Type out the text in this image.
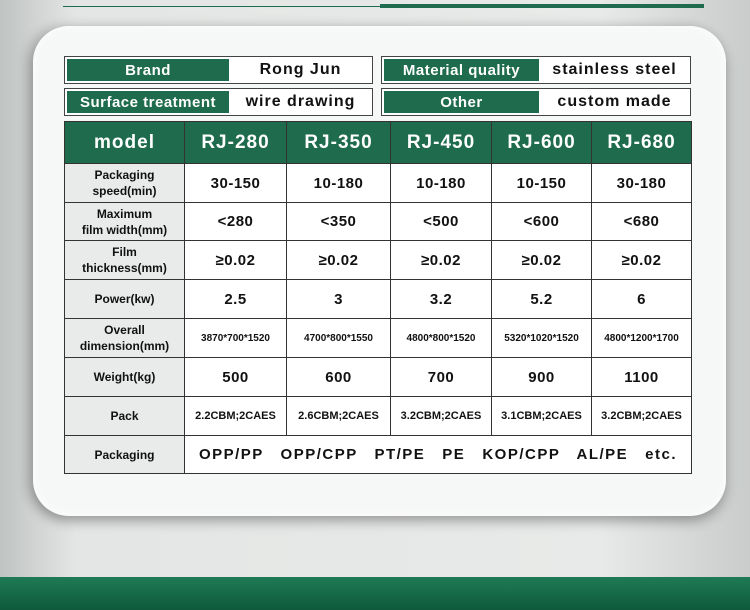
Brand	Rong Jun	Material quality	stainless steel
Surface treatment	wire drawing	Other	custom made
model	RJ-280	RJ-350	RJ-450	RJ-600	RJ-680
Packaging
speed(min)	30-150	10-180	10-180	10-150	30-180
Maximum
film width(mm)	<280	<350	<500	<600	<680
Film
thickness(mm)	≥0.02	≥0.02	≥0.02	≥0.02	≥0.02
Power(kw)	2.5	3	3.2	5.2	6
Overall
dimension(mm)	3870*700*1520	4700*800*1550	4800*800*1520	5320*1020*1520	4800*1200*1700
Weight(kg)	500	600	700	900	1100
Pack	2.2CBM;2CAES	2.6CBM;2CAES	3.2CBM;2CAES	3.1CBM;2CAES	3.2CBM;2CAES
Packaging	OPP/PP   OPP/CPP   PT/PE   PE   KOP/CPP   AL/PE   etc.				
